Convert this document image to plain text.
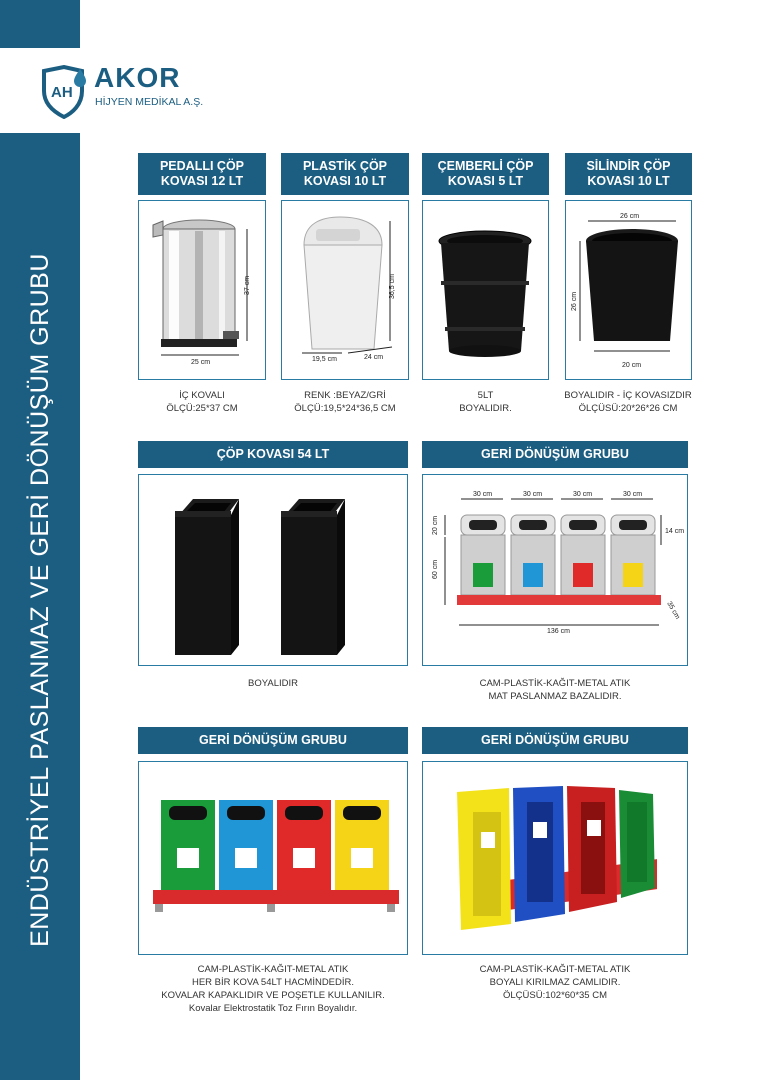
ENDÜSTRİYEL PASLANMAZ VE GERİ DÖNÜŞÜM GRUBU
AH AKOR
HİJYEN MEDİKAL A.Ş.
PEDALLI ÇÖP
KOVASI 12 LT
PLASTİK ÇÖP
KOVASI 10 LT
ÇEMBERLİ ÇÖP
KOVASI 5 LT
SİLİNDİR ÇÖP
KOVASI 10 LT
37 cm
25 cm
36,5 cm
19,5 cm	24 cm
26 cm
26 cm
20 cm
İÇ KOVALI
ÖLÇÜ:25*37 CM
RENK :BEYAZ/GRİ
ÖLÇÜ:19,5*24*36,5 CM
5LT
BOYALIDIR.
BOYALIDIR - İÇ KOVASIZDIR
ÖLÇÜSÜ:20*26*26 CM
ÇÖP KOVASI 54 LT	GERİ DÖNÜŞÜM GRUBU
30 cm	30 cm	30 cm	30 cm
14 cm
20 cm
60 cm
136 cm
35 cm
BOYALIDIR	CAM-PLASTİK-KAĞIT-METAL ATIK
MAT PASLANMAZ BAZALIDIR.
GERİ DÖNÜŞÜM GRUBU	GERİ DÖNÜŞÜM GRUBU
CAM-PLASTİK-KAĞIT-METAL ATIK
HER BİR KOVA 54LT HACMİNDEDİR.
KOVALAR KAPAKLIDIR VE POŞETLE KULLANILIR.
Kovalar Elektrostatik Toz Fırın Boyalıdır.
CAM-PLASTİK-KAĞIT-METAL ATIK
BOYALI KIRILMAZ CAMLIDIR.
ÖLÇÜSÜ:102*60*35 CM
